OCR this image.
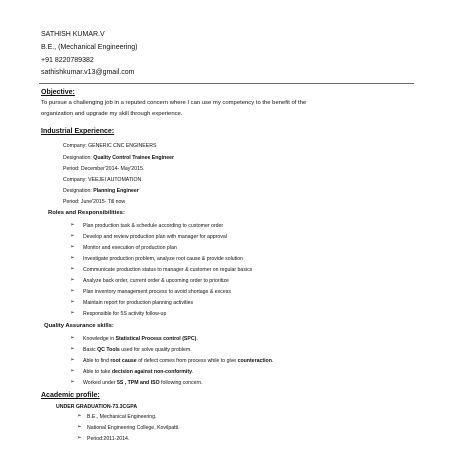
SATHISH KUMAR.V
B.E., (Mechanical Engineering)
+91 8220789382
sathishkumar.v13@gmail.com
Objective:
To pursue a challenging job in a reputed concern where I can use my competency to the benefit of the
organization and upgrade my skill through experience.
Industrial Experience:
Company: GENERIC CNC ENGINEERS
Designation: Quality Control Trainee Engineer
Period: December'2014- May'2015.
Company: VEEJEI AUTOMATION
Designation: Planning Engineer
Period: June'2015- Till now
Roles and Responsibilities:
➢ Plan production task & schedule according to customer order
➢ Develop and review production plan with manager for approval
➢ Monitor and execution of production plan
➢ Investigate production problem, analyze root cause & provide solution
➢ Communicate production status to manager & customer on regular basics
➢ Analyze back order, current order & upcoming order to prioritize
➢ Plan inventory management process to avoid shortage & excess
➢ Maintain report for production planning activities
➢ Responsible for 5S activity follow-up
Quality Assurance skills:
➢ Knowledge in Statistical Process control (SPC).
➢ Basic QC Tools used for solve quality problem.
➢ Able to find root cause of defect comes from process while to give counteraction.
➢ Able to take decision against non-conformity.
➢ Worked under 5S , TPM and ISO following concern.
Academic profile:
UNDER GRADUATION-73.3CGPA
➢ B.E., Mechanical Engineering.
➢ National Engineering College, Kovilpatti.
➢ Period:2011-2014.
